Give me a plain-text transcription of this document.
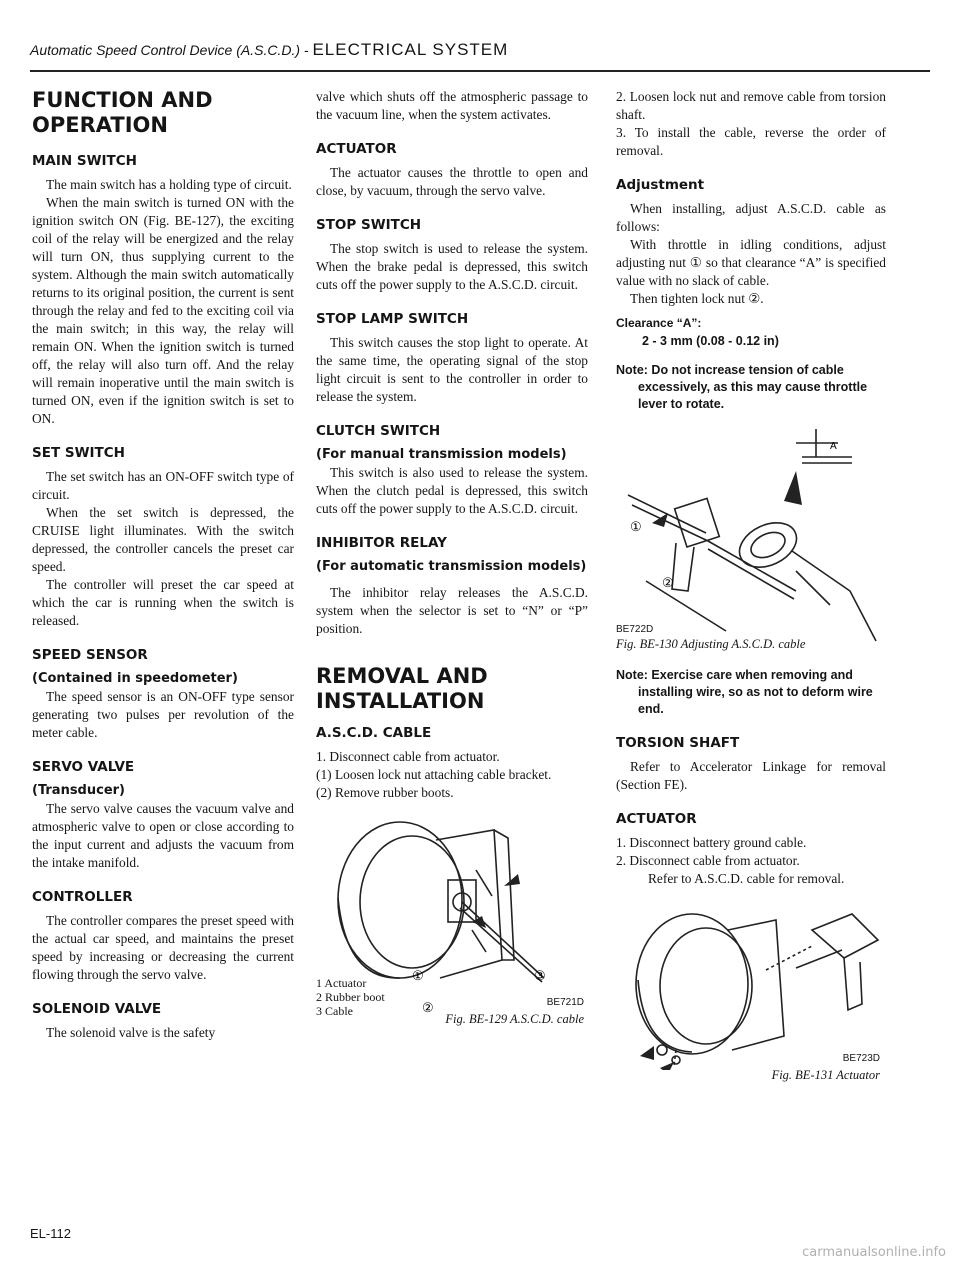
Automatic Speed Control Device (A.S.C.D.) - ELECTRICAL SYSTEM
FUNCTION AND OPERATION
MAIN SWITCH

The main switch has a holding type of circuit.

When the main switch is turned ON with the ignition switch ON (Fig. BE-127), the exciting coil of the relay will be energized and the relay will turn ON, thus supplying current to the system. Although the main switch automatically returns to its original position, the current is sent through the relay and fed to the exciting coil via the main switch; in this way, the relay will remain ON. When the ignition switch is turned off, the relay will also turn off. And the relay will remain inoperative until the main switch is turned ON, even if the ignition switch is set to ON.

SET SWITCH

The set switch has an ON-OFF switch type of circuit.

When the set switch is depressed, the CRUISE light illuminates. With the switch depressed, the controller cancels the preset car speed.

The controller will preset the car speed at which the car is running when the switch is released.

SPEED SENSOR
(Contained in speedometer)

The speed sensor is an ON-OFF type sensor generating two pulses per revolution of the meter cable.

SERVO VALVE
(Transducer)

The servo valve causes the vacuum valve and atmospheric valve to open or close according to the input current and adjusts the vacuum from the intake manifold.

CONTROLLER

The controller compares the preset speed with the actual car speed, and maintains the preset speed by increasing or decreasing the current flowing through the servo valve.

SOLENOID VALVE

The solenoid valve is the safety

valve which shuts off the atmospheric passage to the vacuum line, when the system activates.

ACTUATOR

The actuator causes the throttle to open and close, by vacuum, through the servo valve.

STOP SWITCH

The stop switch is used to release the system. When the brake pedal is depressed, this switch cuts off the power supply to the A.S.C.D. circuit.

STOP LAMP SWITCH

This switch causes the stop light to operate. At the same time, the operating signal of the stop light circuit is sent to the controller in order to release the system.

CLUTCH SWITCH
(For manual transmission models)

This switch is also used to release the system. When the clutch pedal is depressed, this switch cuts off the power supply to the A.S.C.D. circuit.

INHIBITOR RELAY
(For automatic transmission models)

The inhibitor relay releases the A.S.C.D. system when the selector is set to “N” or “P” position.

REMOVAL AND INSTALLATION
A.S.C.D. CABLE

1. Disconnect cable from actuator.

(1) Loosen lock nut attaching cable bracket.

(2) Remove rubber boots.

①
②
③
1 Actuator
2 Rubber boot
3 Cable
BE721D
Fig. BE-129 A.S.C.D. cable

2. Loosen lock nut and remove cable from torsion shaft.

3. To install the cable, reverse the order of removal.

Adjustment

When installing, adjust A.S.C.D. cable as follows:

With throttle in idling conditions, adjust adjusting nut ① so that clearance “A” is specified value with no slack of cable.

Then tighten lock nut ②.

Clearance “A”:
2 - 3 mm (0.08 - 0.12 in)
Note: Do not increase tension of cable excessively, as this may cause throttle lever to rotate.
A
①
②
BE722D
Fig. BE-130 Adjusting A.S.C.D. cable
Note: Exercise care when removing and installing wire, so as not to deform wire end.
TORSION SHAFT

Refer to Accelerator Linkage for removal (Section FE).

ACTUATOR

1. Disconnect battery ground cable.

2. Disconnect cable from actuator.

Refer to A.S.C.D. cable for removal.

BE723D
Fig. BE-131 Actuator
EL-112
carmanualsonline.info
